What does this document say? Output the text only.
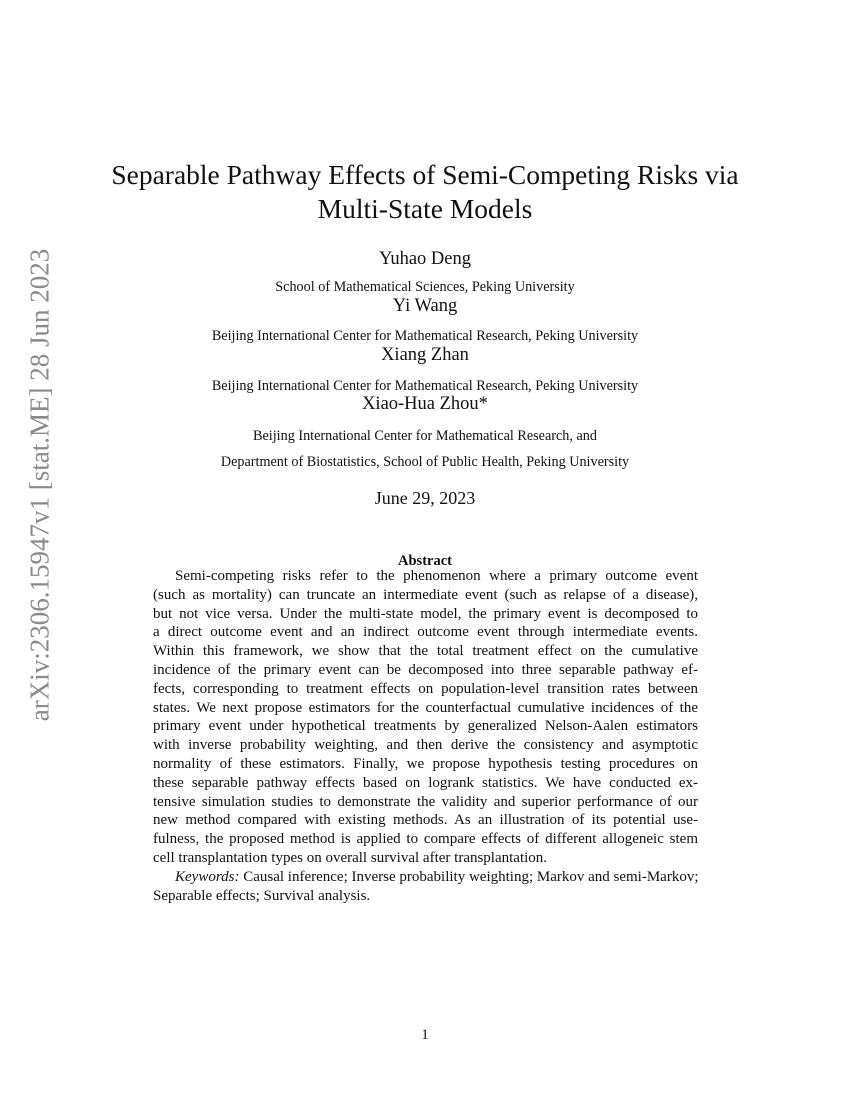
arXiv:2306.15947v1 [stat.ME] 28 Jun 2023
Separable Pathway Effects of Semi-Competing Risks via
Multi-State Models
Yuhao Deng
School of Mathematical Sciences, Peking University
Yi Wang
Beijing International Center for Mathematical Research, Peking University
Xiang Zhan
Beijing International Center for Mathematical Research, Peking University
Xiao-Hua Zhou*
Beijing International Center for Mathematical Research, and
Department of Biostatistics, School of Public Health, Peking University
June 29, 2023
Abstract
Semi-competing risks refer to the phenomenon where a primary outcome event
(such as mortality) can truncate an intermediate event (such as relapse of a disease),
but not vice versa. Under the multi-state model, the primary event is decomposed to
a direct outcome event and an indirect outcome event through intermediate events.
Within this framework, we show that the total treatment effect on the cumulative
incidence of the primary event can be decomposed into three separable pathway ef-
fects, corresponding to treatment effects on population-level transition rates between
states. We next propose estimators for the counterfactual cumulative incidences of the
primary event under hypothetical treatments by generalized Nelson-Aalen estimators
with inverse probability weighting, and then derive the consistency and asymptotic
normality of these estimators. Finally, we propose hypothesis testing procedures on
these separable pathway effects based on logrank statistics. We have conducted ex-
tensive simulation studies to demonstrate the validity and superior performance of our
new method compared with existing methods. As an illustration of its potential use-
fulness, the proposed method is applied to compare effects of different allogeneic stem
cell transplantation types on overall survival after transplantation.
Keywords: Causal inference; Inverse probability weighting; Markov and semi-Markov;
Separable effects; Survival analysis.
1
